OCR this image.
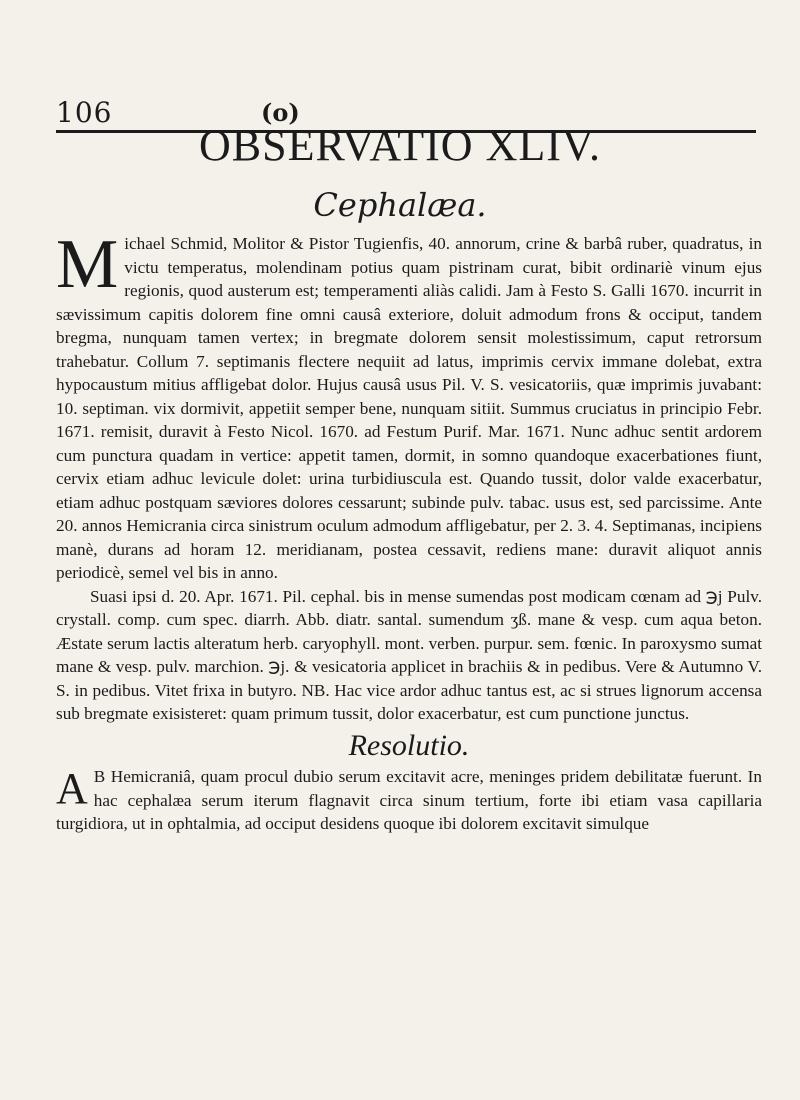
106	(o)
OBSERVATIO XLIV.
Cephalæa.

M ichael Schmid, Molitor & Pistor Tugienfis, 40. annorum, crine & barbâ ruber, quadratus, in victu temperatus, molendinam potius quam pistrinam curat, bibit ordinariè vinum ejus regionis, quod austerum est; temperamenti aliàs calidi. Jam à Festo S. Galli 1670. incurrit in sævissimum capitis dolorem fine omni causâ exteriore, doluit admodum frons & occiput, tandem bregma, nunquam tamen vertex; in bregmate dolorem sensit molestissimum, caput retrorsum trahebatur. Collum 7. septimanis flectere nequiit ad latus, imprimis cervix immane dolebat, extra hypocaustum mitius affligebat dolor. Hujus causâ usus Pil. V. S. vesicatoriis, quæ imprimis juvabant: 10. septiman. vix dormivit, appetiit semper bene, nunquam sitiit. Summus cruciatus in principio Febr. 1671. remisit, duravit à Festo Nicol. 1670. ad Festum Purif. Mar. 1671. Nunc adhuc sentit ardorem cum punctura quadam in vertice: appetit tamen, dormit, in somno quandoque exacerbationes fiunt, cervix etiam adhuc levicule dolet: urina turbidiuscula est. Quando tussit, dolor valde exacerbatur, etiam adhuc postquam sæviores dolores cessarunt; subinde pulv. tabac. usus est, sed parcissime. Ante 20. annos Hemicrania circa sinistrum oculum admodum affligebatur, per 2. 3. 4. Septimanas, incipiens manè, durans ad horam 12. meridianam, postea cessavit, rediens mane: duravit aliquot annis periodicè, semel vel bis in anno.

Suasi ipsi d. 20. Apr. 1671. Pil. cephal. bis in mense sumendas post modicam cœnam ad ℈j Pulv. crystall. comp. cum spec. diarrh. Abb. diatr. santal. sumendum ʒß. mane & vesp. cum aqua beton. Æstate serum lactis alteratum herb. caryophyll. mont. verben. purpur. sem. fœnic. In paroxysmo sumat mane & vesp. pulv. marchion. ℈j. & vesicatoria applicet in brachiis & in pedibus. Vere & Autumno V. S. in pedibus. Vitet frixa in butyro. NB. Hac vice ardor adhuc tantus est, ac si strues lignorum accensa sub bregmate exisisteret: quam primum tussit, dolor exacerbatur, est cum punctione junctus.

Resolutio.

A B Hemicraniâ, quam procul dubio serum excitavit acre, meninges pridem debilitatæ fuerunt. In hac cephalæa serum iterum flagnavit circa sinum tertium, forte ibi etiam vasa capillaria turgidiora, ut in ophtalmia, ad occiput desidens quoque ibi dolorem excitavit simulque
